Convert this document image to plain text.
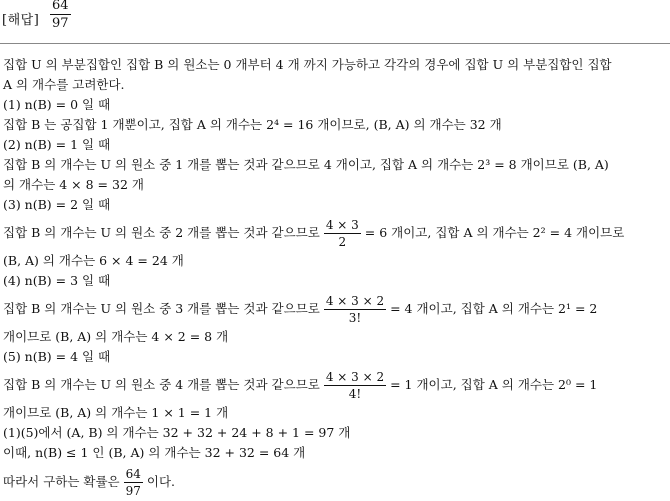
[해답] $\frac{64}{97}$
집합 U 의 부분집합인 집합 B 의 원소는 0 개부터 4 개 까지 가능하고 각각의 경우에 집합 U 의 부분집합인 집합
A 의 개수를 고려한다.
(1) n(B) = 0 일 때
집합 B 는 공집합 1 개뿐이고, 집합 A 의 개수는 2⁴ = 16 개이므로, (B, A) 의 개수는 32 개
(2) n(B) = 1 일 때
집합 B 의 개수는 U 의 원소 중 1 개를 뽑는 것과 같으므로 4 개이고, 집합 A 의 개수는 2³ = 8 개이므로 (B, A)
의 개수는 4 × 8 = 32 개
(3) n(B) = 2 일 때
집합 B 의 개수는 U 의 원소 중 2 개를 뽑는 것과 같으므로 $\frac{4 \times 3}{2} = 6$ 개이고, 집합 A 의 개수는 2² = 4 개이므로
(B, A) 의 개수는 6 × 4 = 24 개
(4) n(B) = 3 일 때
집합 B 의 개수는 U 의 원소 중 3 개를 뽑는 것과 같으므로 $\frac{4 \times 3 \times 2}{3!} = 4$ 개이고, 집합 A 의 개수는 2¹ = 2
개이므로 (B, A) 의 개수는 4 × 2 = 8 개
(5) n(B) = 4 일 때
집합 B 의 개수는 U 의 원소 중 4 개를 뽑는 것과 같으므로 $\frac{4 \times 3 \times 2}{4!} = 1$ 개이고, 집합 A 의 개수는 2⁰ = 1
개이므로 (B, A) 의 개수는 1 × 1 = 1 개
(1)(5)에서 (A, B) 의 개수는 32 + 32 + 24 + 8 + 1 = 97 개
이때, n(B) ≤ 1 인 (B, A) 의 개수는 32 + 32 = 64 개
따라서 구하는 확률은 $\frac{64}{97}$ 이다.
